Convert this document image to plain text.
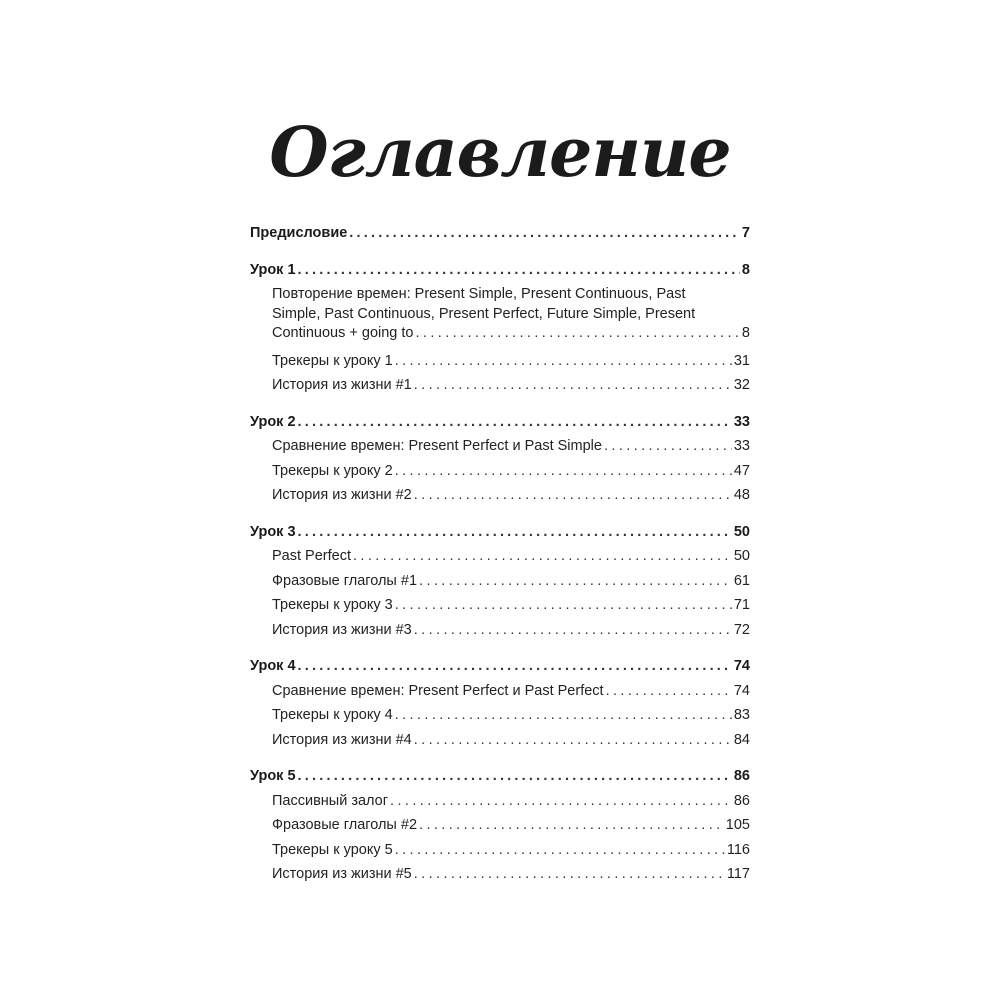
Оглавление
Предисловие .....	7
Урок 1 .....	8
Повторение времен: Present Simple, Present Continuous, Past
Simple, Past Continuous, Present Perfect, Future Simple, Present
Continuous + going to .....	8
Трекеры к уроку 1 .....	31
История из жизни #1 .....	32
Урок 2 .....	33
Сравнение времен: Present Perfect и Past Simple .....	33
Трекеры к уроку 2 .....	47
История из жизни #2 .....	48
Урок 3 .....	50
Past Perfect .....	50
Фразовые глаголы #1 .....	61
Трекеры к уроку 3 .....	71
История из жизни #3 .....	72
Урок 4 .....	74
Сравнение времен: Present Perfect и Past Perfect .....	74
Трекеры к уроку 4 .....	83
История из жизни #4 .....	84
Урок 5 .....	86
Пассивный залог .....	86
Фразовые глаголы #2 .....	105
Трекеры к уроку 5 .....	116
История из жизни #5 .....	117
